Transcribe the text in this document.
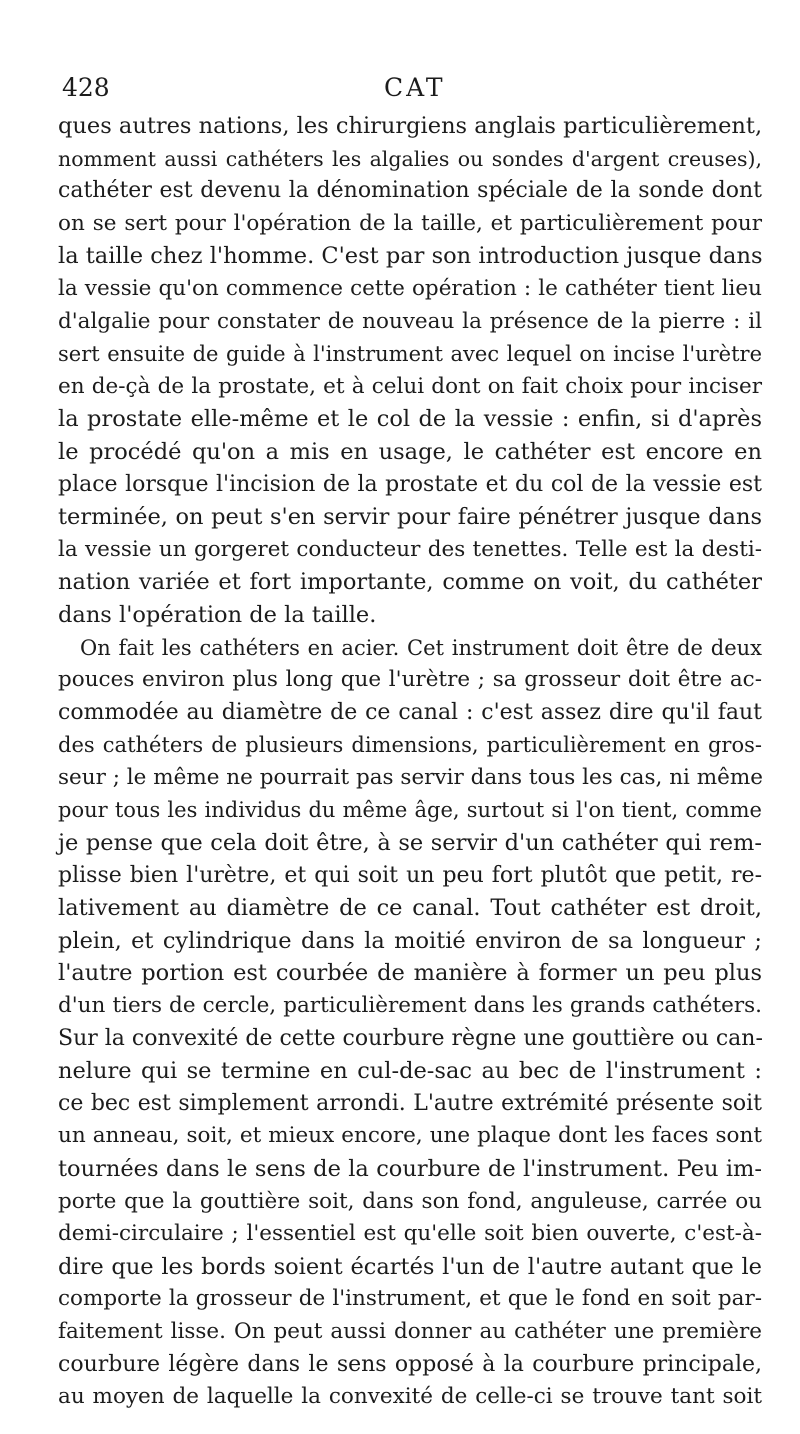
428	CAT
ques autres nations, les chirurgiens anglais particulièrement,
nomment aussi cathéters les algalies ou sondes d'argent creuses),
cathéter est devenu la dénomination spéciale de la sonde dont
on se sert pour l'opération de la taille, et particulièrement pour
la taille chez l'homme. C'est par son introduction jusque dans
la vessie qu'on commence cette opération : le cathéter tient lieu
d'algalie pour constater de nouveau la présence de la pierre : il
sert ensuite de guide à l'instrument avec lequel on incise l'urètre
en de-çà de la prostate, et à celui dont on fait choix pour inciser
la prostate elle-même et le col de la vessie : enfin, si d'après
le procédé qu'on a mis en usage, le cathéter est encore en
place lorsque l'incision de la prostate et du col de la vessie est
terminée, on peut s'en servir pour faire pénétrer jusque dans
la vessie un gorgeret conducteur des tenettes. Telle est la desti-
nation variée et fort importante, comme on voit, du cathéter
dans l'opération de la taille.
On fait les cathéters en acier. Cet instrument doit être de deux
pouces environ plus long que l'urètre ; sa grosseur doit être ac-
commodée au diamètre de ce canal : c'est assez dire qu'il faut
des cathéters de plusieurs dimensions, particulièrement en gros-
seur ; le même ne pourrait pas servir dans tous les cas, ni même
pour tous les individus du même âge, surtout si l'on tient, comme
je pense que cela doit être, à se servir d'un cathéter qui rem-
plisse bien l'urètre, et qui soit un peu fort plutôt que petit, re-
lativement au diamètre de ce canal. Tout cathéter est droit,
plein, et cylindrique dans la moitié environ de sa longueur ;
l'autre portion est courbée de manière à former un peu plus
d'un tiers de cercle, particulièrement dans les grands cathéters.
Sur la convexité de cette courbure règne une gouttière ou can-
nelure qui se termine en cul-de-sac au bec de l'instrument :
ce bec est simplement arrondi. L'autre extrémité présente soit
un anneau, soit, et mieux encore, une plaque dont les faces sont
tournées dans le sens de la courbure de l'instrument. Peu im-
porte que la gouttière soit, dans son fond, anguleuse, carrée ou
demi-circulaire ; l'essentiel est qu'elle soit bien ouverte, c'est-à-
dire que les bords soient écartés l'un de l'autre autant que le
comporte la grosseur de l'instrument, et que le fond en soit par-
faitement lisse. On peut aussi donner au cathéter une première
courbure légère dans le sens opposé à la courbure principale,
au moyen de laquelle la convexité de celle-ci se trouve tant soit
